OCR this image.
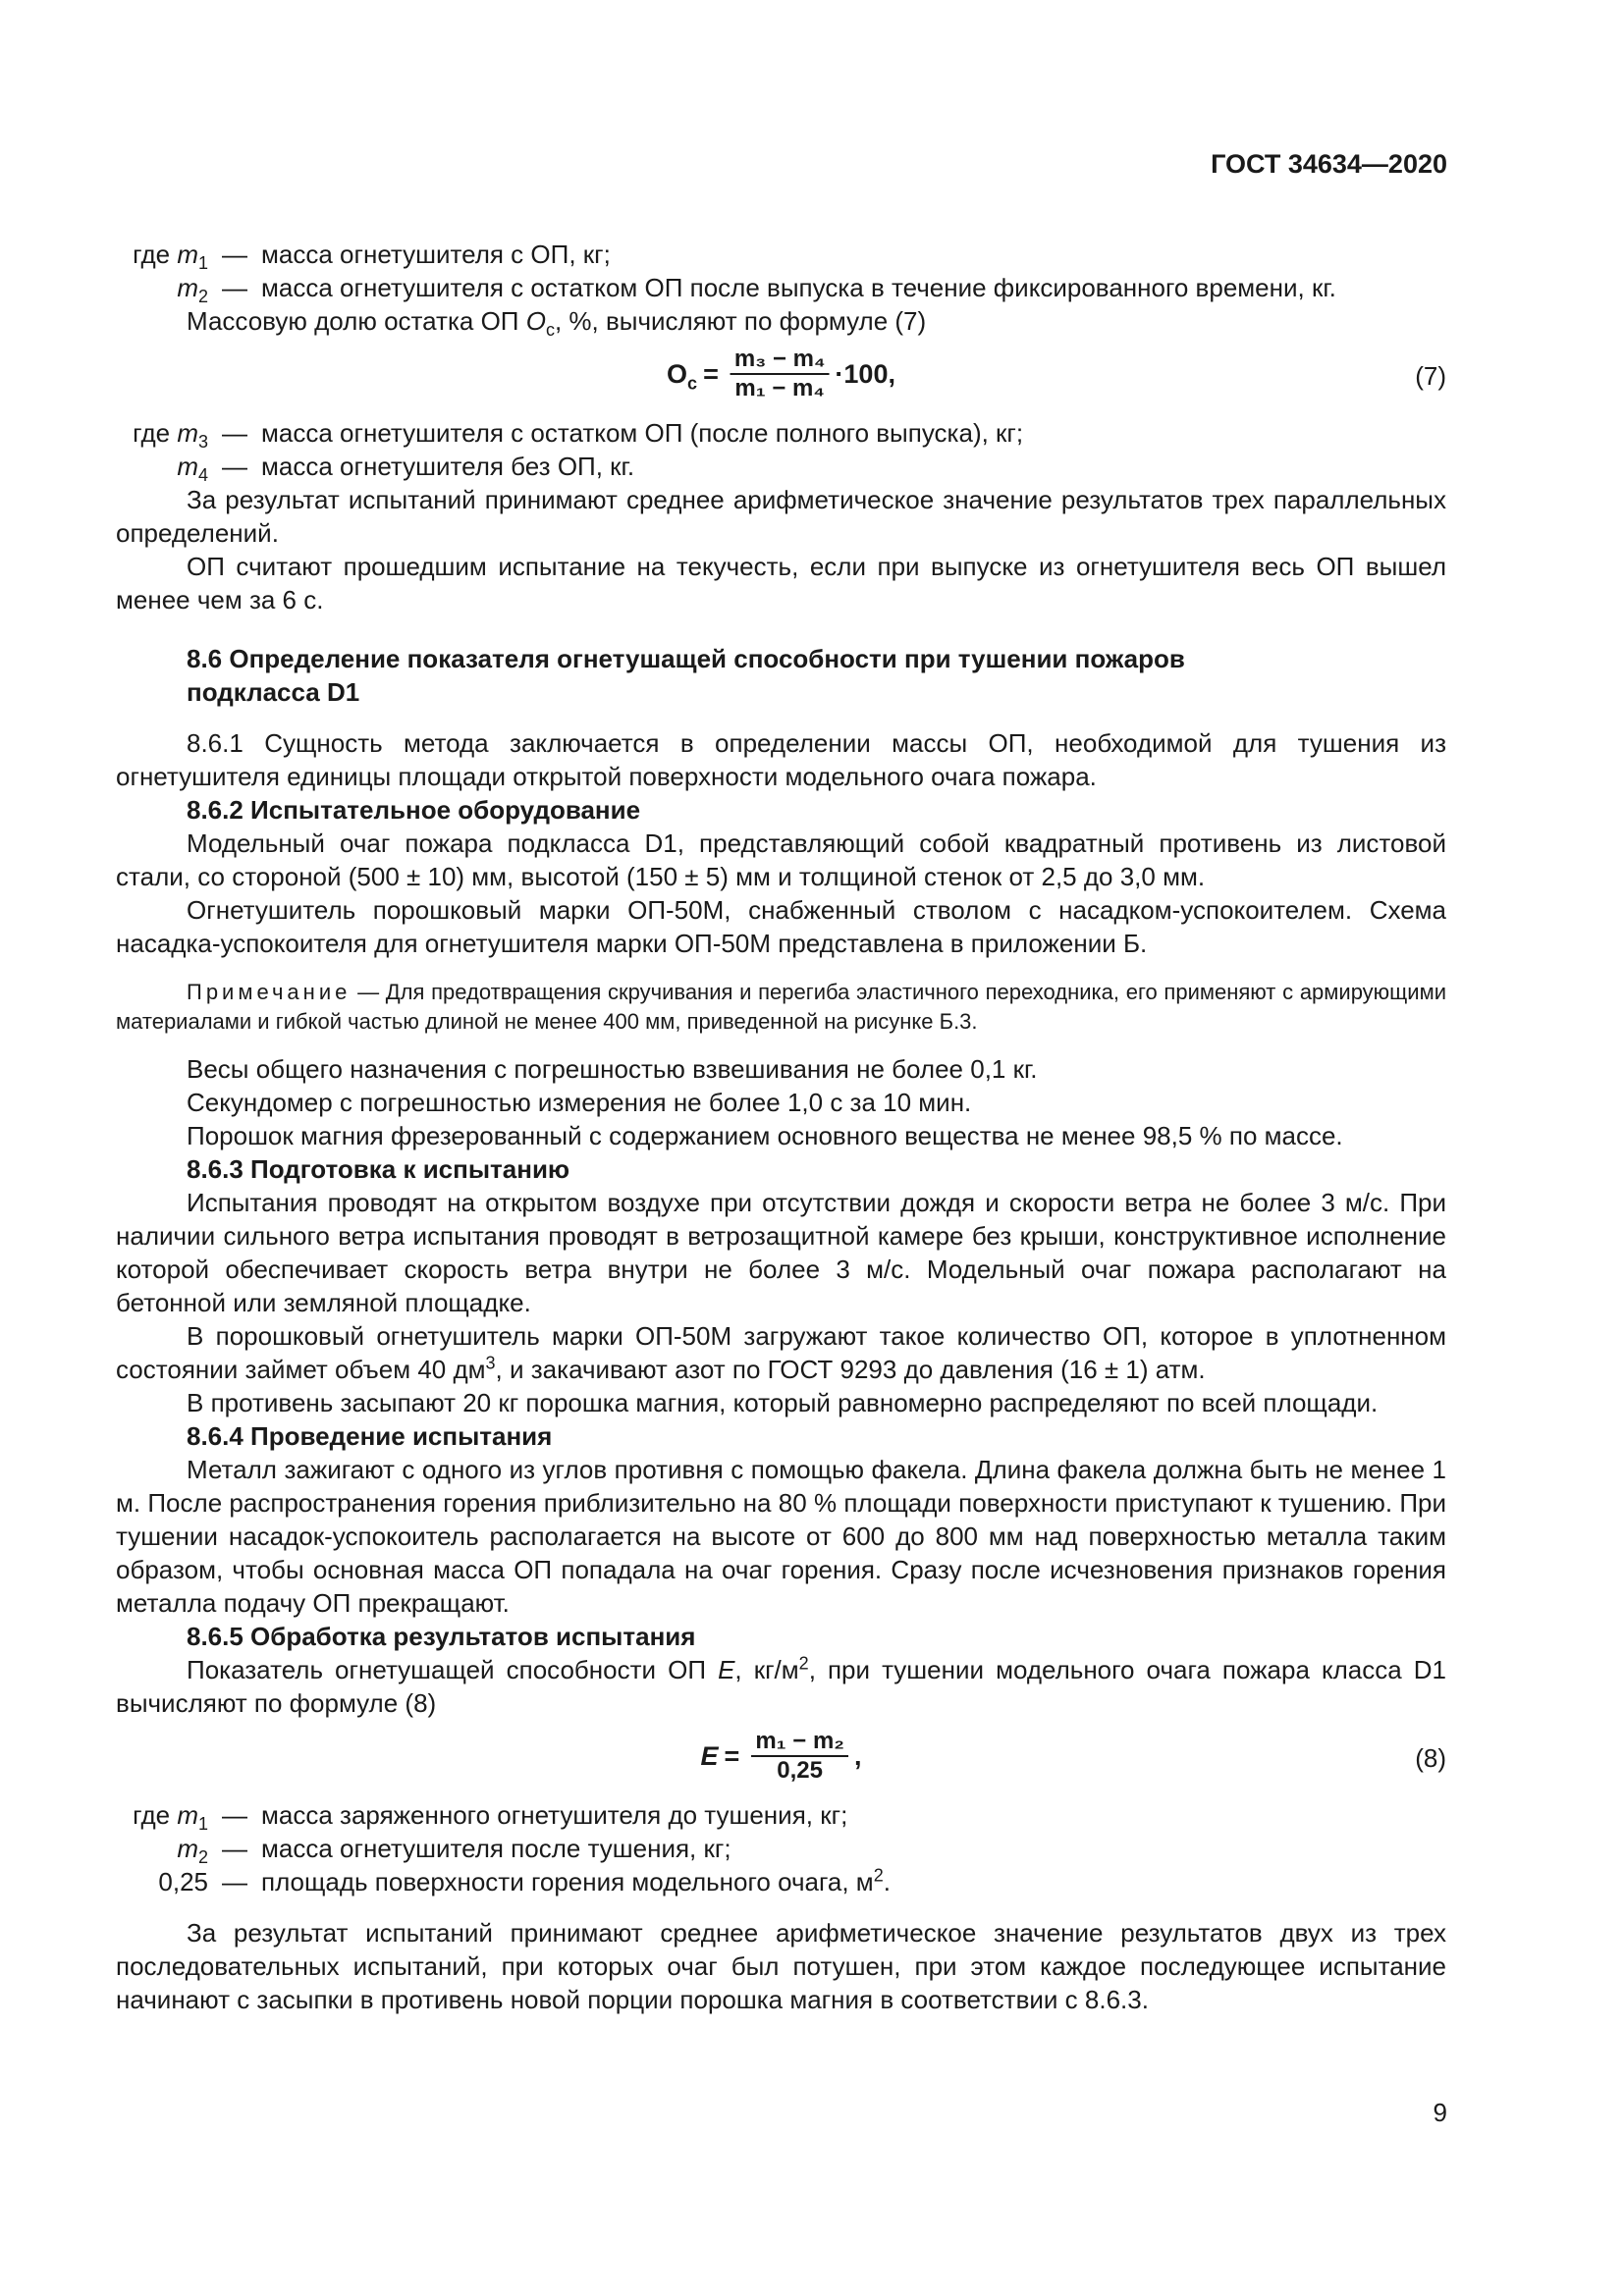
ГОСТ 34634—2020
где $m_1$ — масса огнетушителя с ОП, кг;
$m_2$ — масса огнетушителя с остатком ОП после выпуска в течение фиксированного времени, кг.

Массовую долю остатка ОП $О_с$, %, вычисляют по формуле (7)

$О_с = \frac{\text{m₃ − m₄}}{\text{m₁ − m₄}} \cdot 100$,	(7)
где $m_3$ — масса огнетушителя с остатком ОП (после полного выпуска), кг;
$m_4$ — масса огнетушителя без ОП, кг.

За результат испытаний принимают среднее арифметическое значение результатов трех параллельных определений.

ОП считают прошедшим испытание на текучесть, если при выпуске из огнетушителя весь ОП вышел менее чем за 6 с.

8.6 Определение показателя огнетушащей способности при тушении пожаров
подкласса D1

8.6.1 Сущность метода заключается в определении массы ОП, необходимой для тушения из огнетушителя единицы площади открытой поверхности модельного очага пожара.

8.6.2 Испытательное оборудование

Модельный очаг пожара подкласса D1, представляющий собой квадратный противень из листовой стали, со стороной (500 ± 10) мм, высотой (150 ± 5) мм и толщиной стенок от 2,5 до 3,0 мм.

Огнетушитель порошковый марки ОП-50М, снабженный стволом с насадком-успокоителем. Схема насадка-успокоителя для огнетушителя марки ОП-50М представлена в приложении Б.

Примечание — Для предотвращения скручивания и перегиба эластичного переходника, его применяют с армирующими материалами и гибкой частью длиной не менее 400 мм, приведенной на рисунке Б.3.

Весы общего назначения с погрешностью взвешивания не более 0,1 кг.

Секундомер с погрешностью измерения не более 1,0 с за 10 мин.

Порошок магния фрезерованный с содержанием основного вещества не менее 98,5 % по массе.

8.6.3 Подготовка к испытанию

Испытания проводят на открытом воздухе при отсутствии дождя и скорости ветра не более 3 м/с. При наличии сильного ветра испытания проводят в ветрозащитной камере без крыши, конструктивное исполнение которой обеспечивает скорость ветра внутри не более 3 м/с. Модельный очаг пожара располагают на бетонной или земляной площадке.

В порошковый огнетушитель марки ОП-50М загружают такое количество ОП, которое в уплотненном состоянии займет объем 40 $дм^3$, и закачивают азот по ГОСТ 9293 до давления (16 ± 1) атм.

В противень засыпают 20 кг порошка магния, который равномерно распределяют по всей площади.

8.6.4 Проведение испытания

Металл зажигают с одного из углов противня с помощью факела. Длина факела должна быть не менее 1 м. После распространения горения приблизительно на 80 % площади поверхности приступают к тушению. При тушении насадок-успокоитель располагается на высоте от 600 до 800 мм над поверхностью металла таким образом, чтобы основная масса ОП попадала на очаг горения. Сразу после исчезновения признаков горения металла подачу ОП прекращают.

8.6.5 Обработка результатов испытания

Показатель огнетушащей способности ОП E, $кг/м^2$, при тушении модельного очага пожара класса D1 вычисляют по формуле (8)

$E = \frac{\text{m₁ − m₂}}{0,25}$ ,	(8)
где $m_1$ — масса заряженного огнетушителя до тушения, кг;
$m_2$ — масса огнетушителя после тушения, кг;
0,25 — площадь поверхности горения модельного очага, $м^2$.

За результат испытаний принимают среднее арифметическое значение результатов двух из трех последовательных испытаний, при которых очаг был потушен, при этом каждое последующее испытание начинают с засыпки в противень новой порции порошка магния в соответствии с 8.6.3.

9
